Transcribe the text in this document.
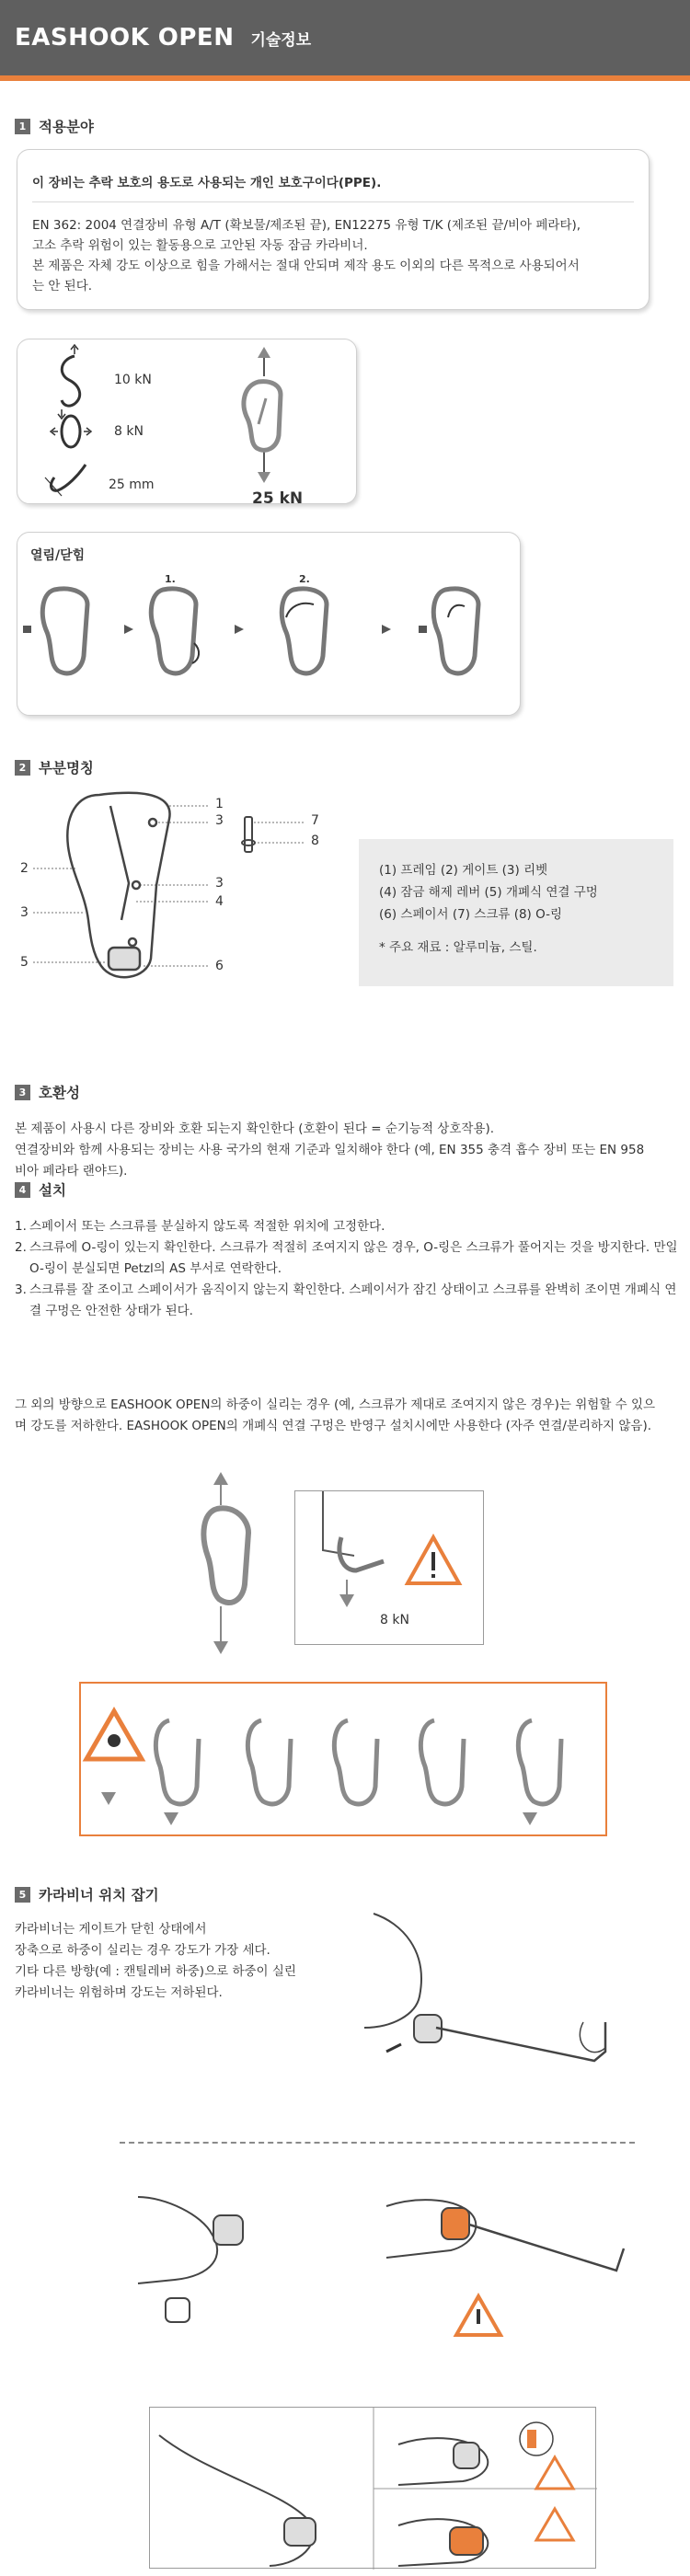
EASHOOK OPEN 기술정보
1 적용분야
이 장비는 추락 보호의 용도로 사용되는 개인 보호구이다(PPE).

EN 362: 2004 연결장비 유형 A/T (확보물/제조된 끝), EN12275 유형 T/K (제조된 끝/비아 페라타),

고소 추락 위험이 있는 활동용으로 고안된 자동 잠금 카라비너.

본 제품은 자체 강도 이상으로 힘을 가해서는 절대 안되며 제작 용도 이외의 다른 목적으로 사용되어서

는 안 된다.

10 kN
8 kN
25 mm
25 kN
열림/닫힘
1.	2.
2 부분명칭
1
2
3
3
3
4
5	6
7
8
(1) 프레임 (2) 게이트 (3) 리벳
(4) 잠금 해제 레버 (5) 개폐식 연결 구멍
(6) 스페이서 (7) 스크류 (8) O-링
* 주요 재료 : 알루미늄, 스틸.
3 호환성
본 제품이 사용시 다른 장비와 호환 되는지 확인한다 (호환이 된다 = 순기능적 상호작용).
연결장비와 함께 사용되는 장비는 사용 국가의 현재 기준과 일치해야 한다 (예, EN 355 충격 흡수 장비 또는 EN 958
비아 페라타 랜야드).
4 설치
1. 스페이서 또는 스크류를 분실하지 않도록 적절한 위치에 고정한다.
2. 스크류에 O-링이 있는지 확인한다. 스크류가 적절히 조여지지 않은 경우, O-링은 스크류가 풀어지는 것을 방지한다. 만일 O-링이 분실되면 Petzl의 AS 부서로 연락한다.
3. 스크류를 잘 조이고 스페이서가 움직이지 않는지 확인한다. 스페이서가 잠긴 상태이고 스크류를 완벽히 조이면 개폐식 연결 구멍은 안전한 상태가 된다.
그 외의 방향으로 EASHOOK OPEN의 하중이 실리는 경우 (예, 스크류가 제대로 조여지지 않은 경우)는 위험할 수 있으
며 강도를 저하한다. EASHOOK OPEN의 개폐식 연결 구멍은 반영구 설치시에만 사용한다 (자주 연결/분리하지 않음).
8 kN
5 카라비너 위치 잡기
카라비너는 게이트가 닫힌 상태에서
장축으로 하중이 실리는 경우 강도가 가장 세다.
기타 다른 방향(예 : 캔틸레버 하중)으로 하중이 실린
카라비너는 위험하며 강도는 저하된다.
